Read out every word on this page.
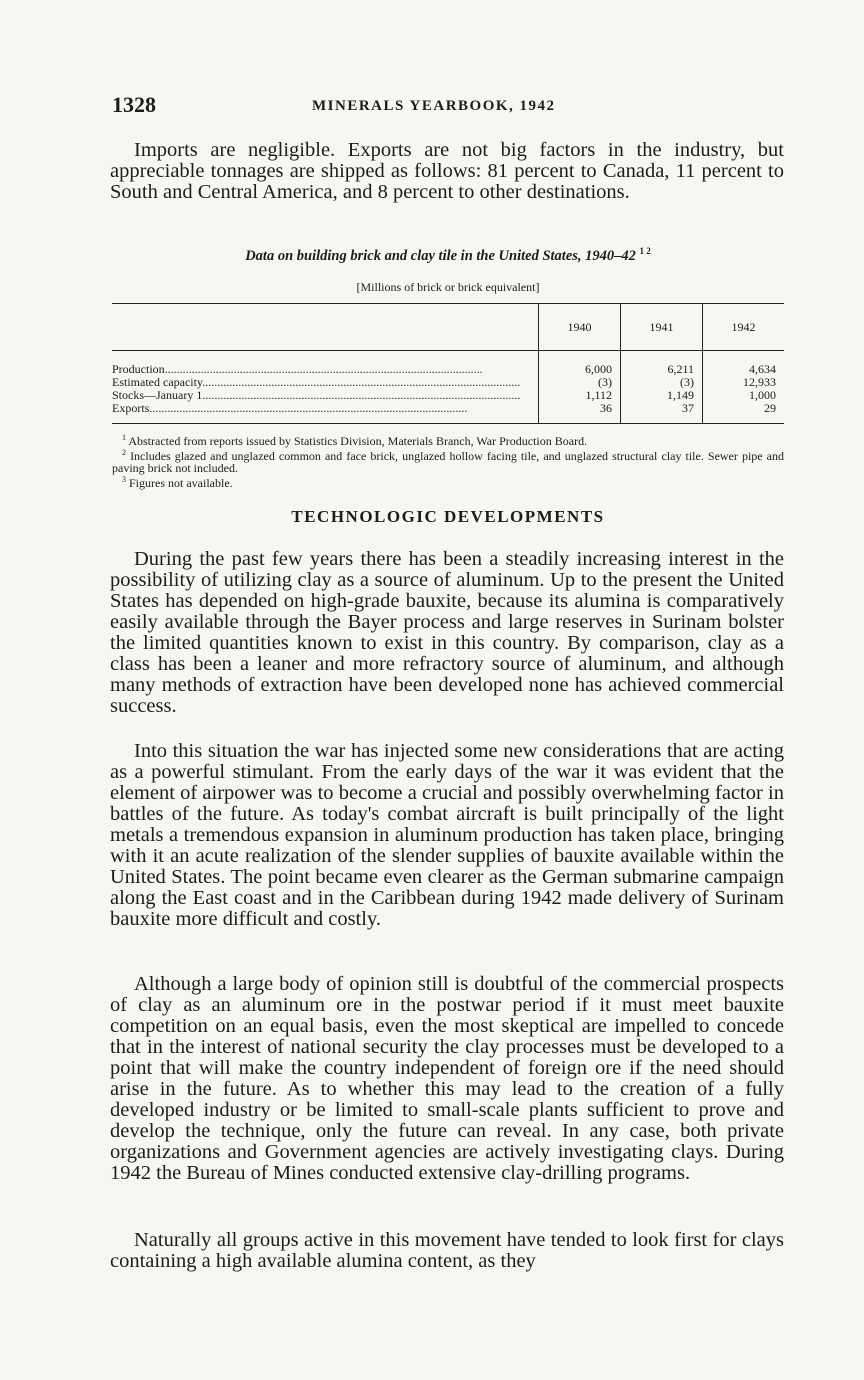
1328	MINERALS YEARBOOK, 1942

Imports are negligible. Exports are not big factors in the industry, but appreciable tonnages are shipped as follows: 81 percent to Canada, 11 percent to South and Central America, and 8 percent to other destinations.

Data on building brick and clay tile in the United States, 1940–42 $^{1 2}$
[Millions of brick or brick equivalent]
	1940	1941	1942
Production..........................................................................................................	6,000	6,211	4,634
Estimated capacity..........................................................................................................	(3)	(3)	12,933
Stocks—January 1..........................................................................................................	1,112	1,149	1,000
Exports..........................................................................................................	36	37	29

$^1$ Abstracted from reports issued by Statistics Division, Materials Branch, War Production Board.

$^2$ Includes glazed and unglazed common and face brick, unglazed hollow facing tile, and unglazed structural clay tile. Sewer pipe and paving brick not included.

$^3$ Figures not available.

TECHNOLOGIC DEVELOPMENTS

During the past few years there has been a steadily increasing interest in the possibility of utilizing clay as a source of aluminum. Up to the present the United States has depended on high-grade bauxite, because its alumina is comparatively easily available through the Bayer process and large reserves in Surinam bolster the limited quantities known to exist in this country. By comparison, clay as a class has been a leaner and more refractory source of aluminum, and although many methods of extraction have been developed none has achieved commercial success.

Into this situation the war has injected some new considerations that are acting as a powerful stimulant. From the early days of the war it was evident that the element of airpower was to become a crucial and possibly overwhelming factor in battles of the future. As today's combat aircraft is built principally of the light metals a tremendous expansion in aluminum production has taken place, bringing with it an acute realization of the slender supplies of bauxite available within the United States. The point became even clearer as the German submarine campaign along the East coast and in the Caribbean during 1942 made delivery of Surinam bauxite more difficult and costly.

Although a large body of opinion still is doubtful of the commercial prospects of clay as an aluminum ore in the postwar period if it must meet bauxite competition on an equal basis, even the most skeptical are impelled to concede that in the interest of national security the clay processes must be developed to a point that will make the country independent of foreign ore if the need should arise in the future. As to whether this may lead to the creation of a fully developed industry or be limited to small-scale plants sufficient to prove and develop the technique, only the future can reveal. In any case, both private organizations and Government agencies are actively investigating clays. During 1942 the Bureau of Mines conducted extensive clay-drilling programs.

Naturally all groups active in this movement have tended to look first for clays containing a high available alumina content, as they
